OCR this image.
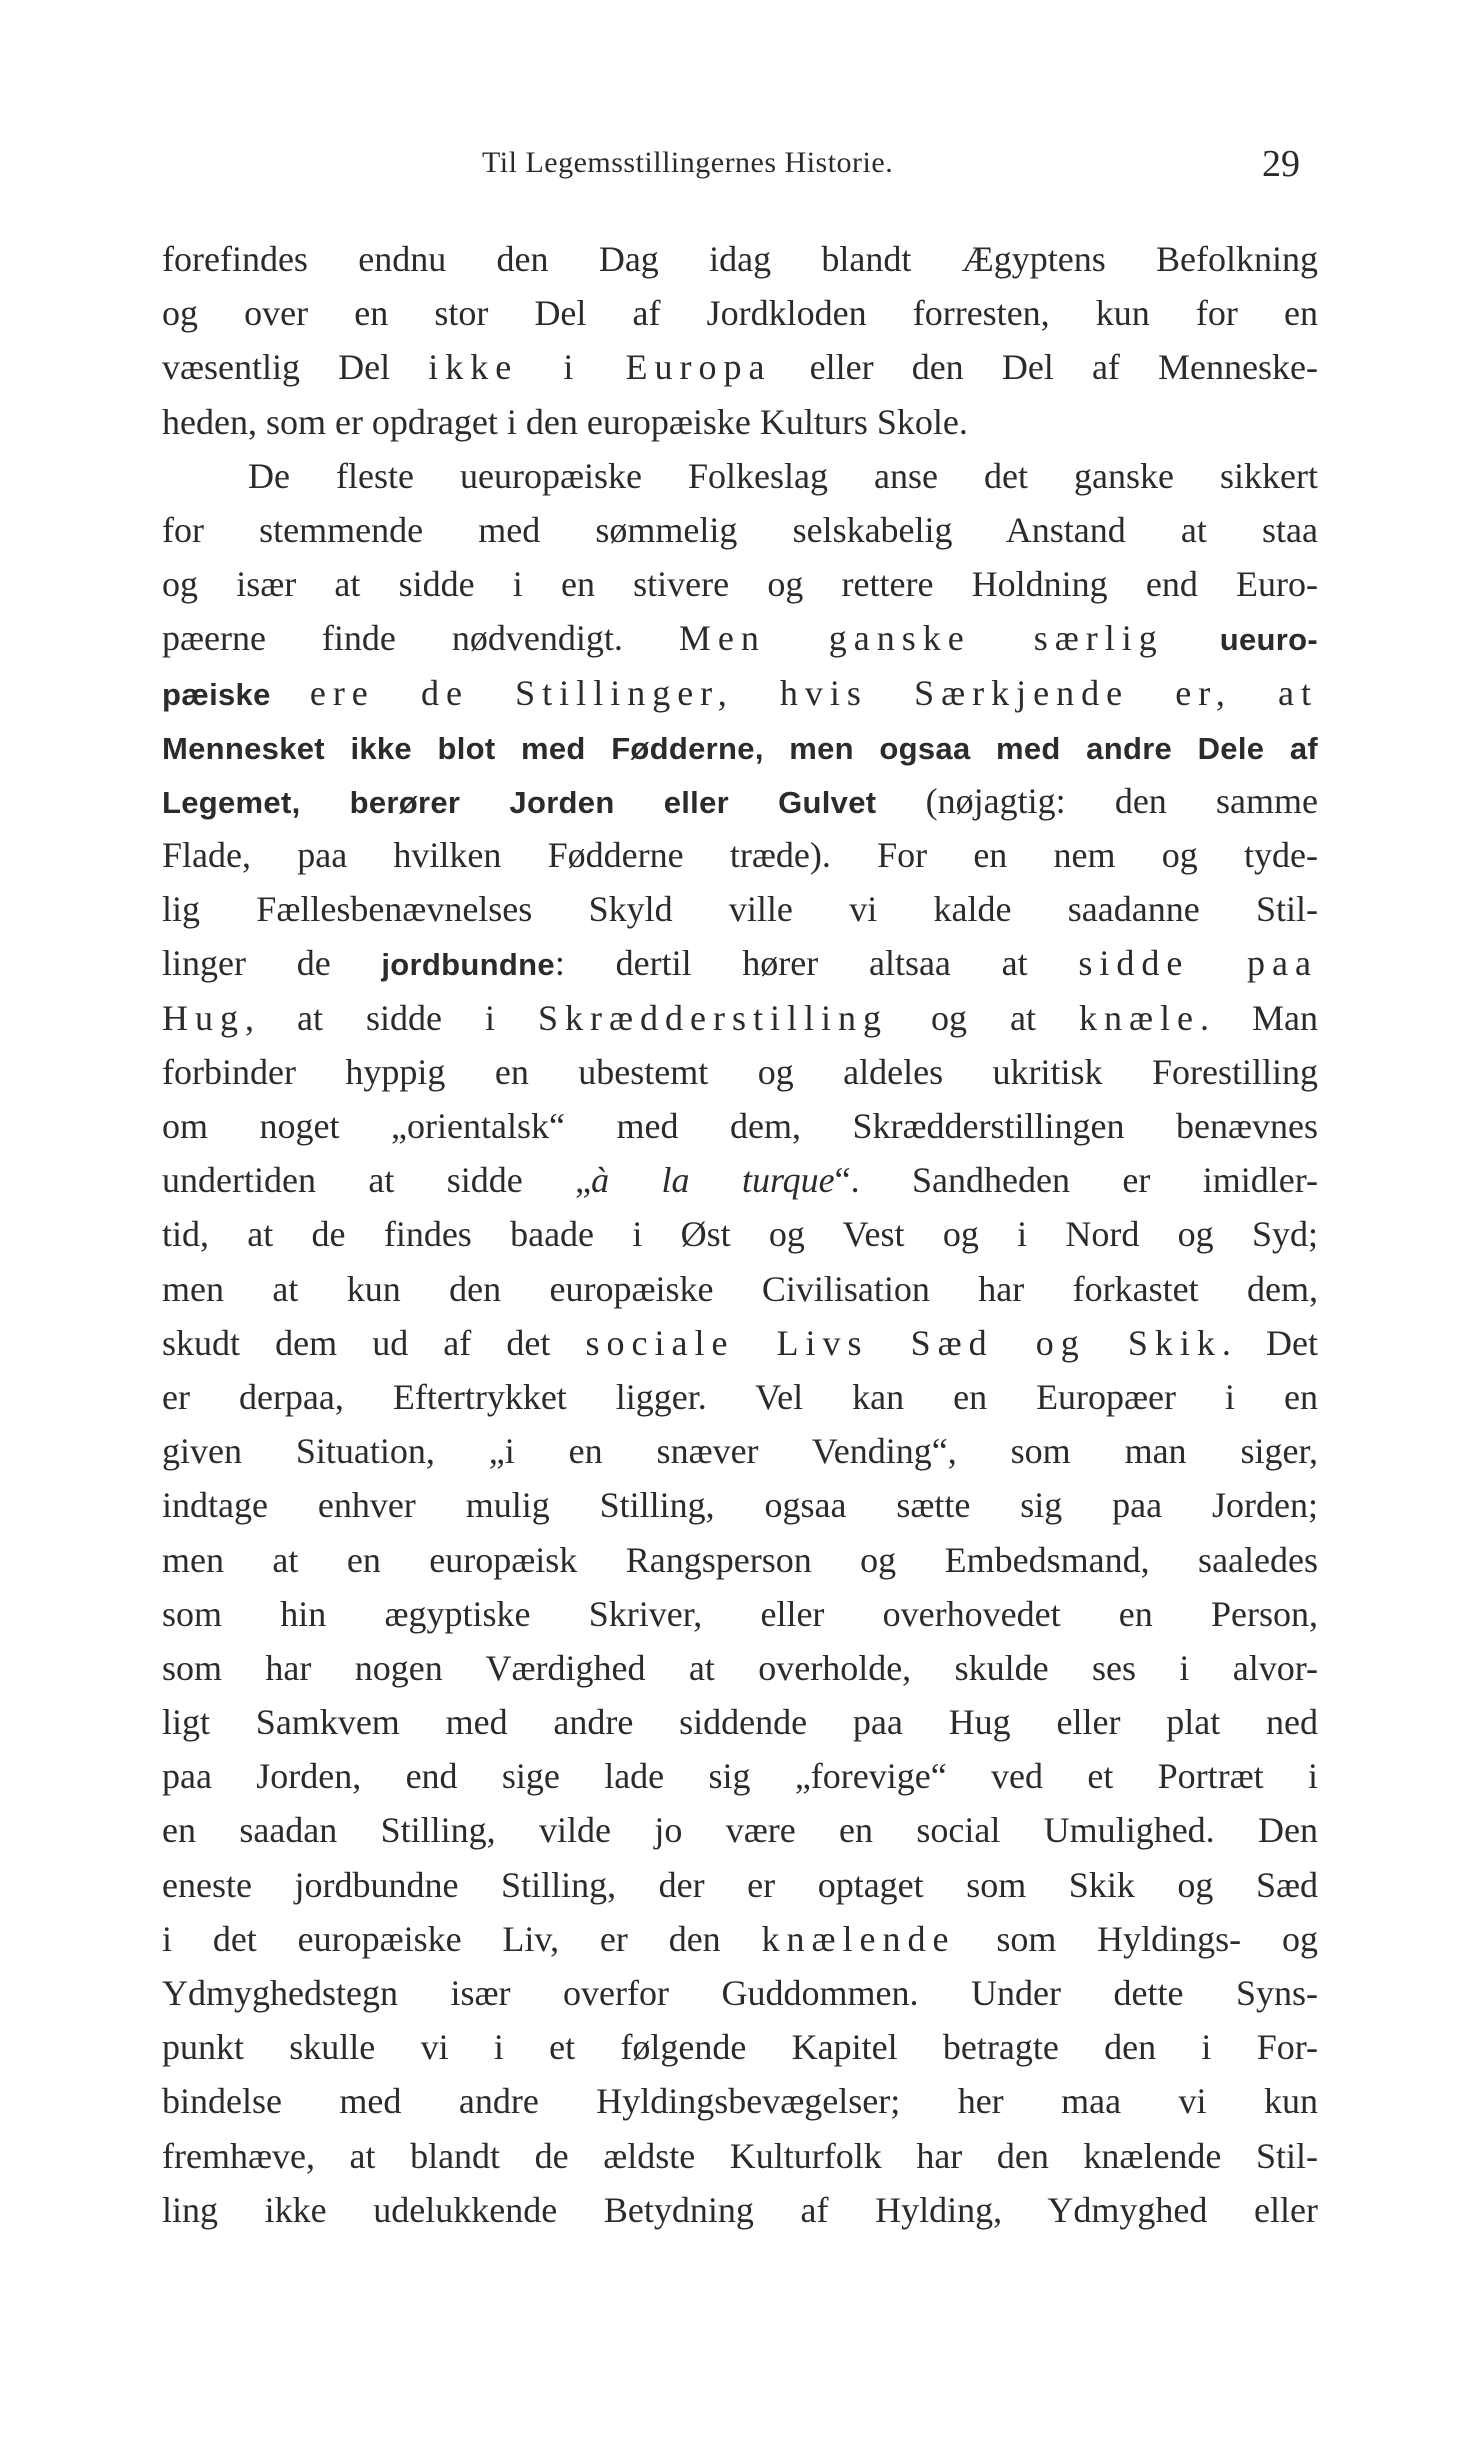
Til Legemsstillingernes Historie.	29
forefindes endnu den Dag idag blandt Ægyptens Befolkning
og over en stor Del af Jordkloden forresten, kun for en
væsentlig Del ikke i Europa eller den Del af Menneske-
heden, som er opdraget i den europæiske Kulturs Skole.
De fleste ueuropæiske Folkeslag anse det ganske sikkert
for stemmende med sømmelig selskabelig Anstand at staa
og især at sidde i en stivere og rettere Holdning end Euro-
pæerne finde nødvendigt. Men ganske særlig ueuro-
pæiske ere de Stillinger, hvis Særkjende er, at
Mennesket ikke blot med Fødderne, men ogsaa med andre Dele af
Legemet, berører Jorden eller Gulvet (nøjagtig: den samme
Flade, paa hvilken Fødderne træde). For en nem og tyde-
lig Fællesbenævnelses Skyld ville vi kalde saadanne Stil-
linger de jordbundne: dertil hører altsaa at sidde paa
Hug, at sidde i Skrædderstilling og at knæle. Man
forbinder hyppig en ubestemt og aldeles ukritisk Forestilling
om noget „orientalsk“ med dem, Skrædderstillingen benævnes
undertiden at sidde „à la turque“. Sandheden er imidler-
tid, at de findes baade i Øst og Vest og i Nord og Syd;
men at kun den europæiske Civilisation har forkastet dem,
skudt dem ud af det sociale Livs Sæd og Skik. Det
er derpaa, Eftertrykket ligger. Vel kan en Europæer i en
given Situation, „i en snæver Vending“, som man siger,
indtage enhver mulig Stilling, ogsaa sætte sig paa Jorden;
men at en europæisk Rangsperson og Embedsmand, saaledes
som hin ægyptiske Skriver, eller overhovedet en Person,
som har nogen Værdighed at overholde, skulde ses i alvor-
ligt Samkvem med andre siddende paa Hug eller plat ned
paa Jorden, end sige lade sig „forevige“ ved et Portræt i
en saadan Stilling, vilde jo være en social Umulighed. Den
eneste jordbundne Stilling, der er optaget som Skik og Sæd
i det europæiske Liv, er den knælende som Hyldings- og
Ydmyghedstegn især overfor Guddommen. Under dette Syns-
punkt skulle vi i et følgende Kapitel betragte den i For-
bindelse med andre Hyldingsbevægelser; her maa vi kun
fremhæve, at blandt de ældste Kulturfolk har den knælende Stil-
ling ikke udelukkende Betydning af Hylding, Ydmyghed eller
